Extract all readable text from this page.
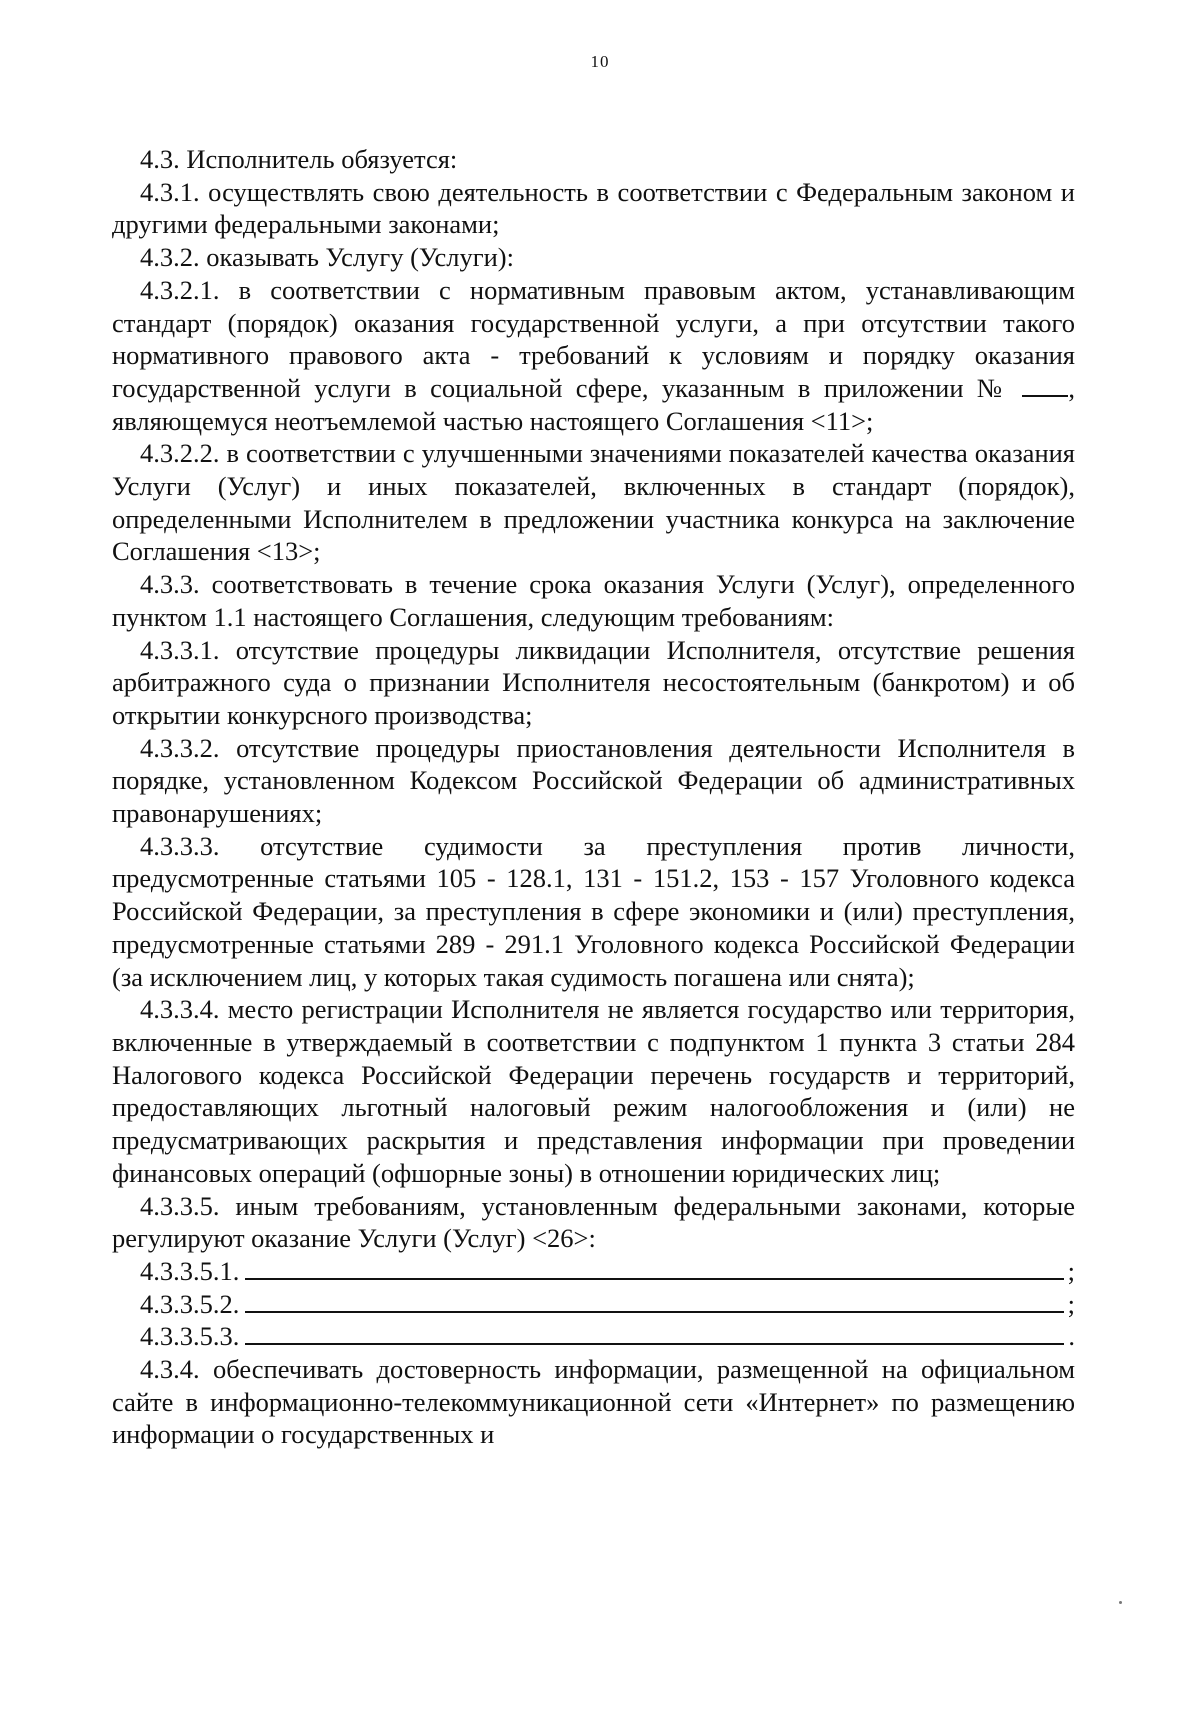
10

4.3. Исполнитель обязуется:

4.3.1. осуществлять свою деятельность в соответствии с Федеральным законом и другими федеральными законами;

4.3.2. оказывать Услугу (Услуги):

4.3.2.1. в соответствии с нормативным правовым актом, устанавливающим стандарт (порядок) оказания государственной услуги, а при отсутствии такого нормативного правового акта - требований к условиям и порядку оказания государственной услуги в социальной сфере, указанным в приложении № , являющемуся неотъемлемой частью настоящего Соглашения <11>;

4.3.2.2. в соответствии с улучшенными значениями показателей качества оказания Услуги (Услуг) и иных показателей, включенных в стандарт (порядок), определенными Исполнителем в предложении участника конкурса на заключение Соглашения <13>;

4.3.3. соответствовать в течение срока оказания Услуги (Услуг), определенного пунктом 1.1 настоящего Соглашения, следующим требованиям:

4.3.3.1. отсутствие процедуры ликвидации Исполнителя, отсутствие решения арбитражного суда о признании Исполнителя несостоятельным (банкротом) и об открытии конкурсного производства;

4.3.3.2. отсутствие процедуры приостановления деятельности Исполнителя в порядке, установленном Кодексом Российской Федерации об административных правонарушениях;

4.3.3.3. отсутствие судимости за преступления против личности, предусмотренные статьями 105 - 128.1, 131 - 151.2, 153 - 157 Уголовного кодекса Российской Федерации, за преступления в сфере экономики и (или) преступления, предусмотренные статьями 289 - 291.1 Уголовного кодекса Российской Федерации (за исключением лиц, у которых такая судимость погашена или снята);

4.3.3.4. место регистрации Исполнителя не является государство или территория, включенные в утверждаемый в соответствии с подпунктом 1 пункта 3 статьи 284 Налогового кодекса Российской Федерации перечень государств и территорий, предоставляющих льготный налоговый режим налогообложения и (или) не предусматривающих раскрытия и представления информации при проведении финансовых операций (офшорные зоны) в отношении юридических лиц;

4.3.3.5. иным требованиям, установленным федеральными законами, которые регулируют оказание Услуги (Услуг) <26>:

4.3.3.5.1.	;
4.3.3.5.2.	;
4.3.3.5.3.	.

4.3.4. обеспечивать достоверность информации, размещенной на официальном сайте в информационно-телекоммуникационной сети «Интернет» по размещению информации о государственных и
